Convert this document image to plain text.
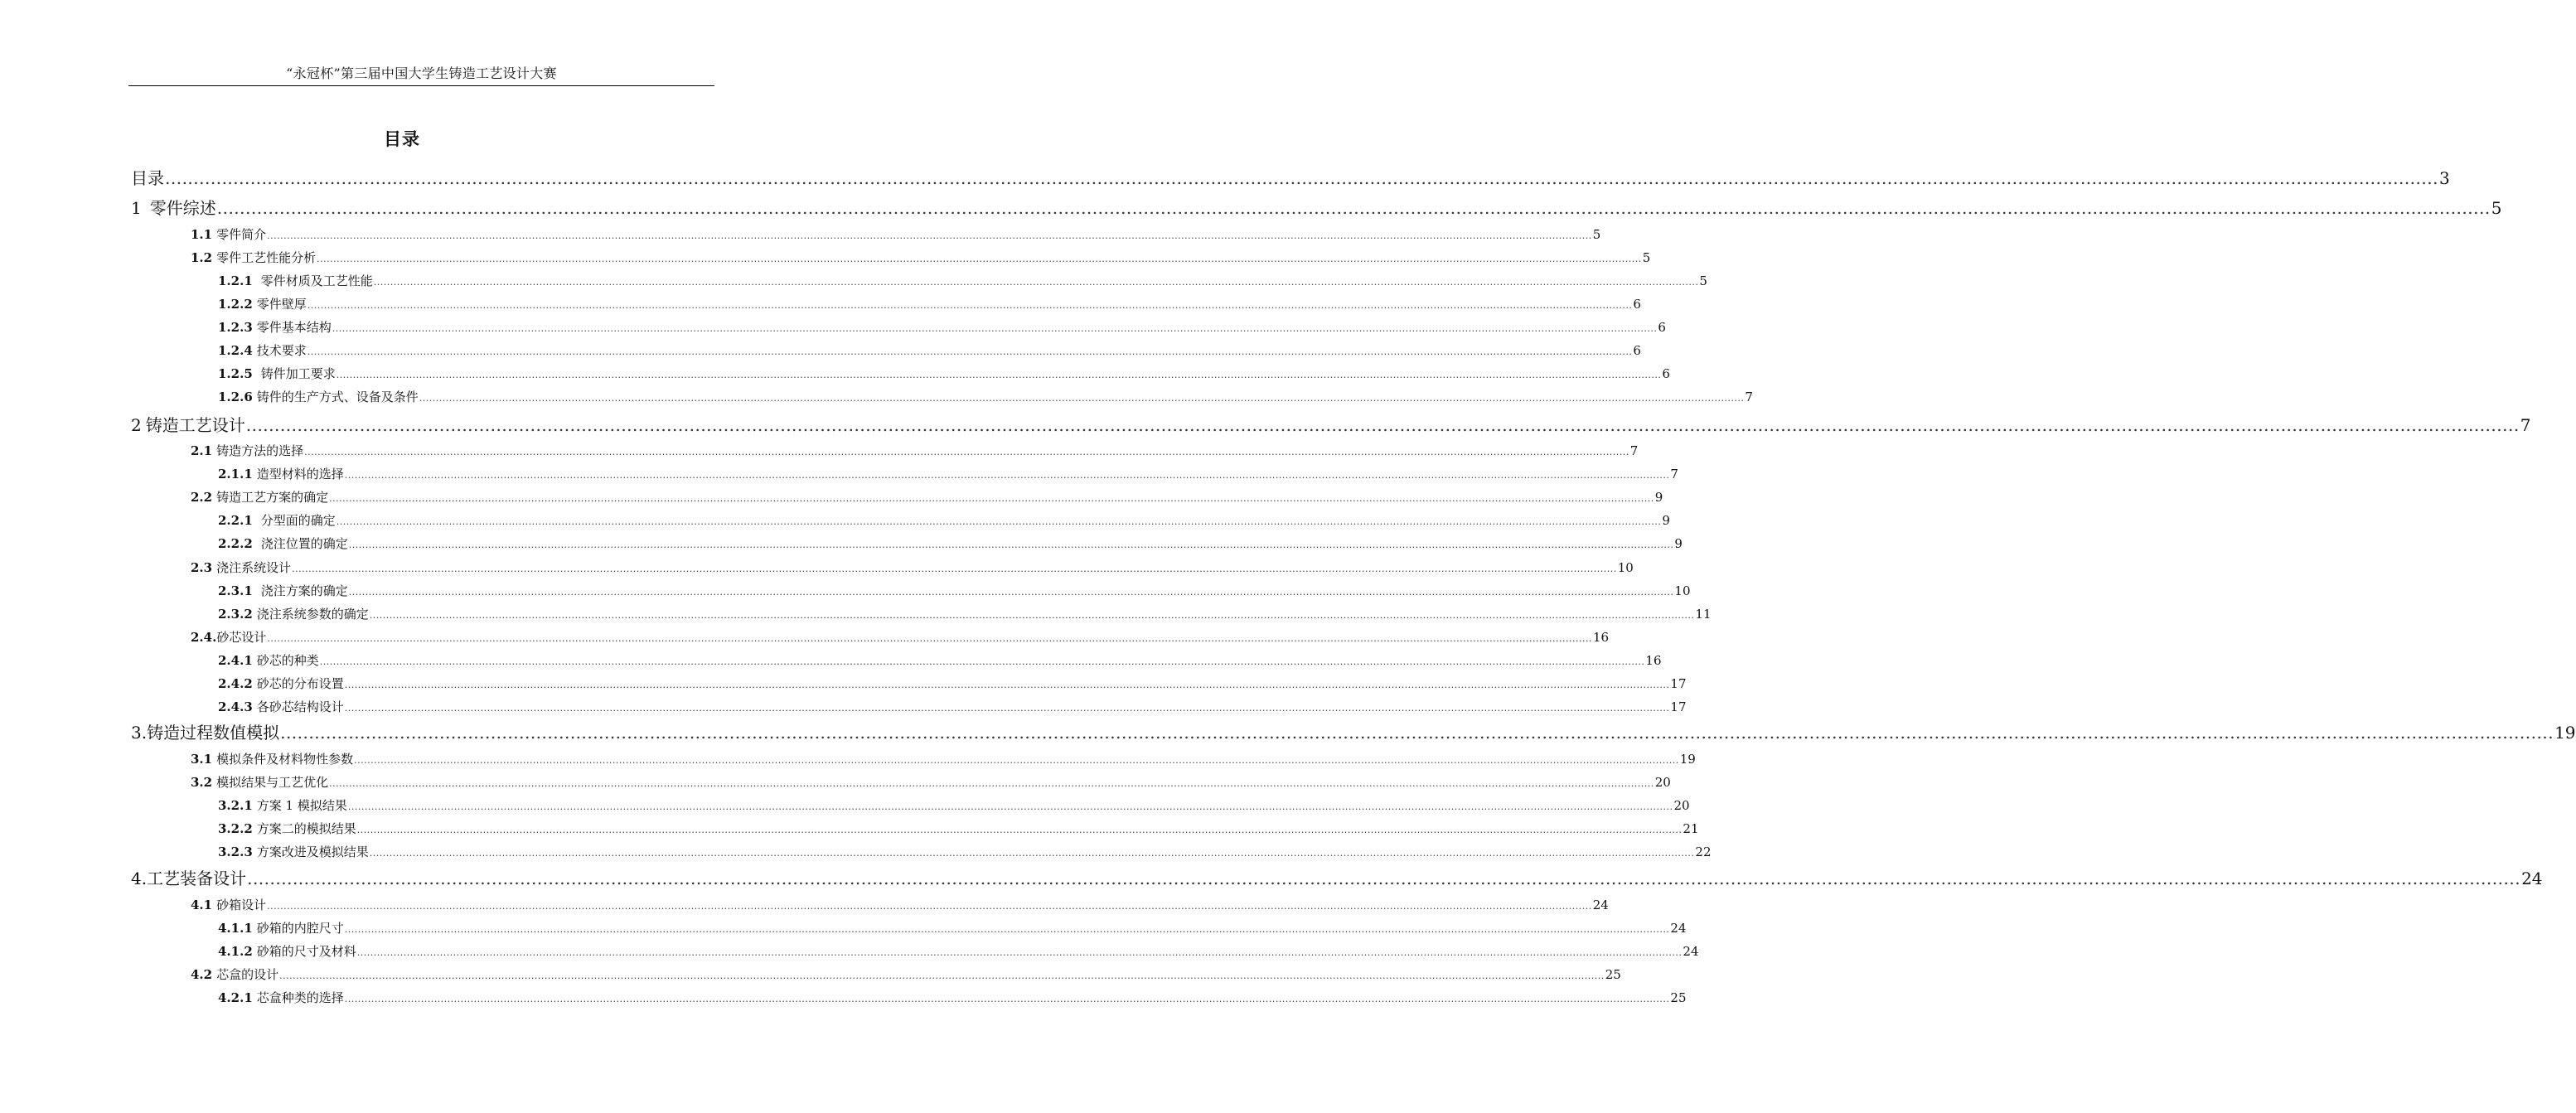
“永冠杯”第三届中国大学生铸造工艺设计大赛
目录
目录 ................................................................................................................................................................................................................................................................................................................................................................................................................ 3
1 零件综述 ................................................................................................................................................................................................................................................................................................................................................................................................................ 5
1.1 零件简介 ................................................................................................................................................................................................................................................................................................................................................................................................................ 5
1.2 零件工艺性能分析 ................................................................................................................................................................................................................................................................................................................................................................................................................ 5
1.2.1 零件材质及工艺性能 ................................................................................................................................................................................................................................................................................................................................................................................................................ 5
1.2.2 零件壁厚 ................................................................................................................................................................................................................................................................................................................................................................................................................ 6
1.2.3 零件基本结构 ................................................................................................................................................................................................................................................................................................................................................................................................................ 6
1.2.4 技术要求 ................................................................................................................................................................................................................................................................................................................................................................................................................ 6
1.2.5 铸件加工要求 ................................................................................................................................................................................................................................................................................................................................................................................................................ 6
1.2.6 铸件的生产方式、设备及条件 ................................................................................................................................................................................................................................................................................................................................................................................................................ 7
2 铸造工艺设计 ................................................................................................................................................................................................................................................................................................................................................................................................................ 7
2.1 铸造方法的选择 ................................................................................................................................................................................................................................................................................................................................................................................................................ 7
2.1.1 造型材料的选择 ................................................................................................................................................................................................................................................................................................................................................................................................................ 7
2.2 铸造工艺方案的确定 ................................................................................................................................................................................................................................................................................................................................................................................................................ 9
2.2.1 分型面的确定 ................................................................................................................................................................................................................................................................................................................................................................................................................ 9
2.2.2 浇注位置的确定 ................................................................................................................................................................................................................................................................................................................................................................................................................ 9
2.3 浇注系统设计 ................................................................................................................................................................................................................................................................................................................................................................................................................ 10
2.3.1 浇注方案的确定 ................................................................................................................................................................................................................................................................................................................................................................................................................ 10
2.3.2 浇注系统参数的确定 ................................................................................................................................................................................................................................................................................................................................................................................................................ 11
2.4.砂芯设计 ................................................................................................................................................................................................................................................................................................................................................................................................................ 16
2.4.1 砂芯的种类 ................................................................................................................................................................................................................................................................................................................................................................................................................ 16
2.4.2 砂芯的分布设置 ................................................................................................................................................................................................................................................................................................................................................................................................................ 17
2.4.3 各砂芯结构设计 ................................................................................................................................................................................................................................................................................................................................................................................................................ 17
3.铸造过程数值模拟 ................................................................................................................................................................................................................................................................................................................................................................................................................ 19
3.1 模拟条件及材料物性参数 ................................................................................................................................................................................................................................................................................................................................................................................................................ 19
3.2 模拟结果与工艺优化 ................................................................................................................................................................................................................................................................................................................................................................................................................ 20
3.2.1 方案 1 模拟结果 ................................................................................................................................................................................................................................................................................................................................................................................................................ 20
3.2.2 方案二的模拟结果 ................................................................................................................................................................................................................................................................................................................................................................................................................ 21
3.2.3 方案改进及模拟结果 ................................................................................................................................................................................................................................................................................................................................................................................................................ 22
4.工艺装备设计 ................................................................................................................................................................................................................................................................................................................................................................................................................ 24
4.1 砂箱设计 ................................................................................................................................................................................................................................................................................................................................................................................................................ 24
4.1.1 砂箱的内腔尺寸 ................................................................................................................................................................................................................................................................................................................................................................................................................ 24
4.1.2 砂箱的尺寸及材料 ................................................................................................................................................................................................................................................................................................................................................................................................................ 24
4.2 芯盒的设计 ................................................................................................................................................................................................................................................................................................................................................................................................................ 25
4.2.1 芯盒种类的选择 ................................................................................................................................................................................................................................................................................................................................................................................................................ 25
